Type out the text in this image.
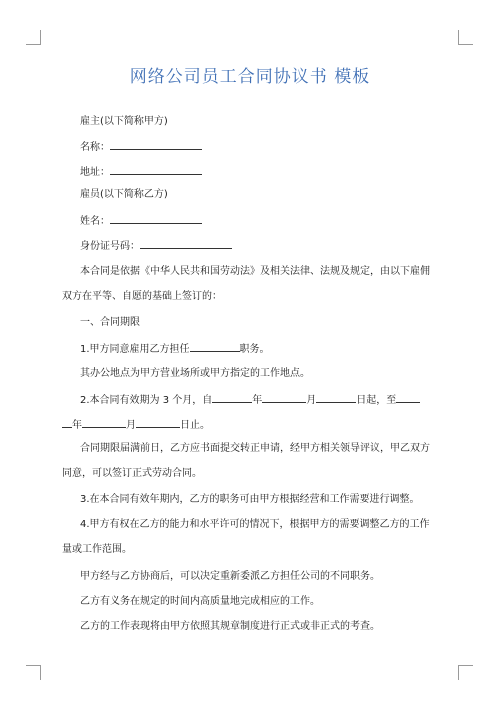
网络公司员工合同协议书 模板
雇主(以下简称甲方)
名称：
地址：
雇员(以下简称乙方)
姓名：
身份证号码：
本合同是依据《中华人民共和国劳动法》及相关法律、法规及规定，由以下雇佣
双方在平等、自愿的基础上签订的：
一、合同期限
1.甲方同意雇用乙方担任	职务。
其办公地点为甲方营业场所或甲方指定的工作地点。
2.本合同有效期为 3 个月，自	年	月	日起，至
年	月	日止。
合同期限届满前日，乙方应书面提交转正申请，经甲方相关领导评议，甲乙双方
同意，可以签订正式劳动合同。
3.在本合同有效年期内，乙方的职务可由甲方根据经营和工作需要进行调整。
4.甲方有权在乙方的能力和水平许可的情况下，根据甲方的需要调整乙方的工作
量或工作范围。
甲方经与乙方协商后，可以决定重新委派乙方担任公司的不同职务。
乙方有义务在规定的时间内高质量地完成相应的工作。
乙方的工作表现将由甲方依照其规章制度进行正式或非正式的考查。
